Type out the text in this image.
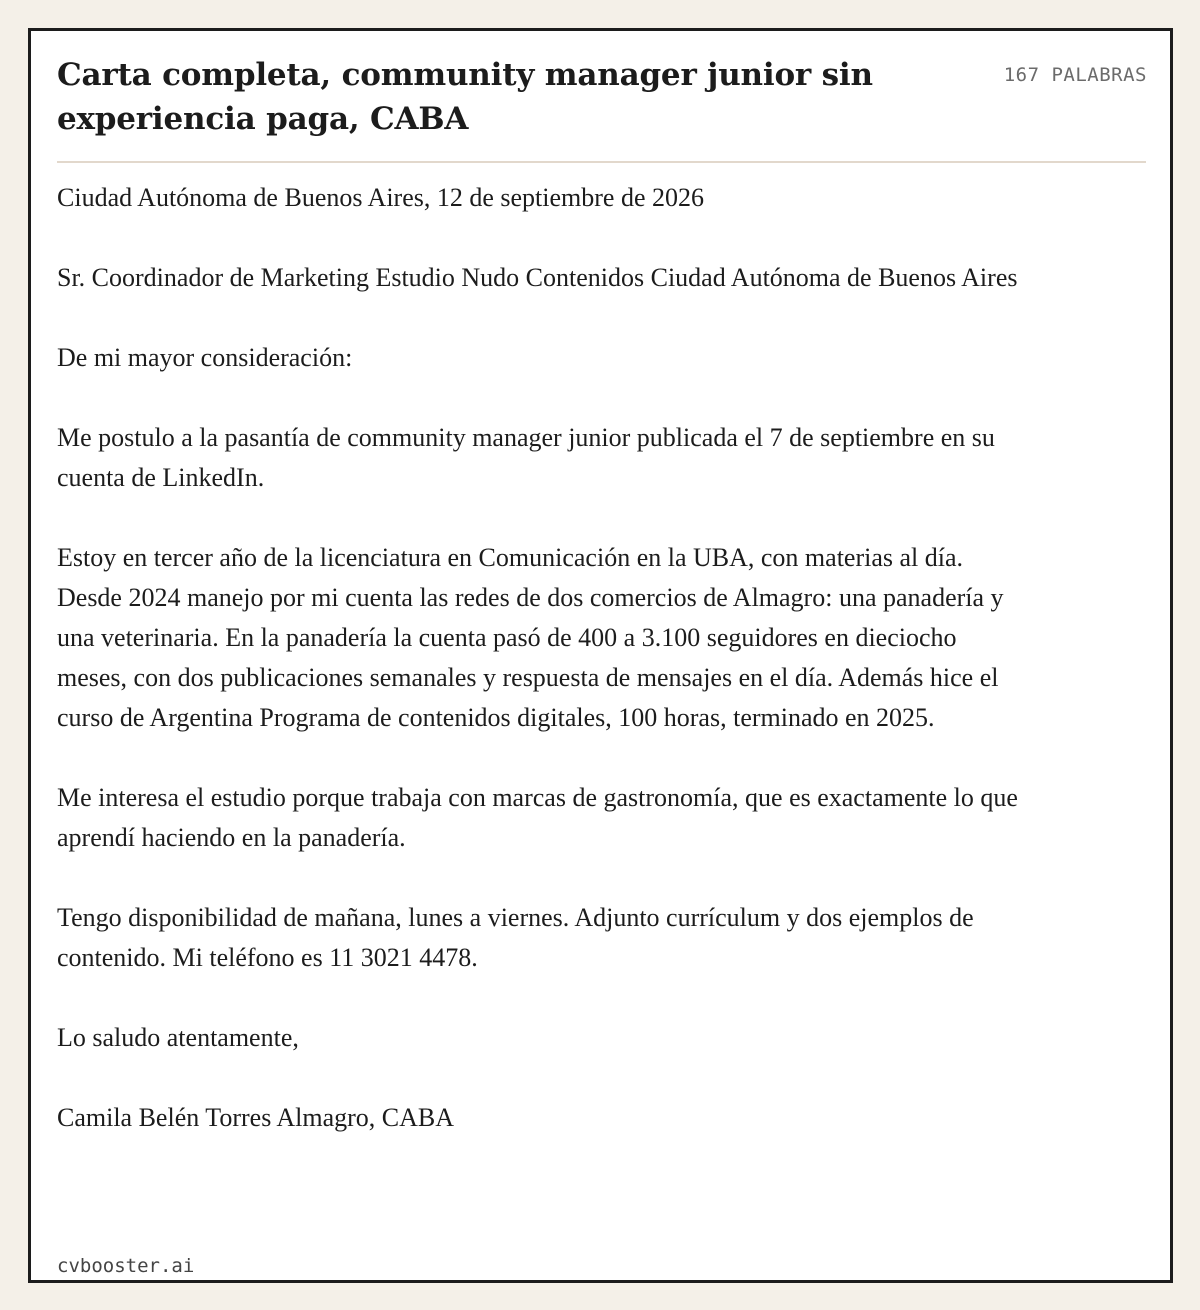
Carta completa, community manager junior sin experiencia paga, CABA
167 PALABRAS

Ciudad Autónoma de Buenos Aires, 12 de septiembre de 2026

Sr. Coordinador de Marketing Estudio Nudo Contenidos Ciudad Autónoma de Buenos Aires

De mi mayor consideración:

Me postulo a la pasantía de community manager junior publicada el 7 de septiembre en su cuenta de LinkedIn.

Estoy en tercer año de la licenciatura en Comunicación en la UBA, con materias al día. Desde 2024 manejo por mi cuenta las redes de dos comercios de Almagro: una panadería y una veterinaria. En la panadería la cuenta pasó de 400 a 3.100 seguidores en dieciocho meses, con dos publicaciones semanales y respuesta de mensajes en el día. Además hice el curso de Argentina Programa de contenidos digitales, 100 horas, terminado en 2025.

Me interesa el estudio porque trabaja con marcas de gastronomía, que es exactamente lo que aprendí haciendo en la panadería.

Tengo disponibilidad de mañana, lunes a viernes. Adjunto currículum y dos ejemplos de contenido. Mi teléfono es 11 3021 4478.

Lo saludo atentamente,

Camila Belén Torres Almagro, CABA

cvbooster.ai
